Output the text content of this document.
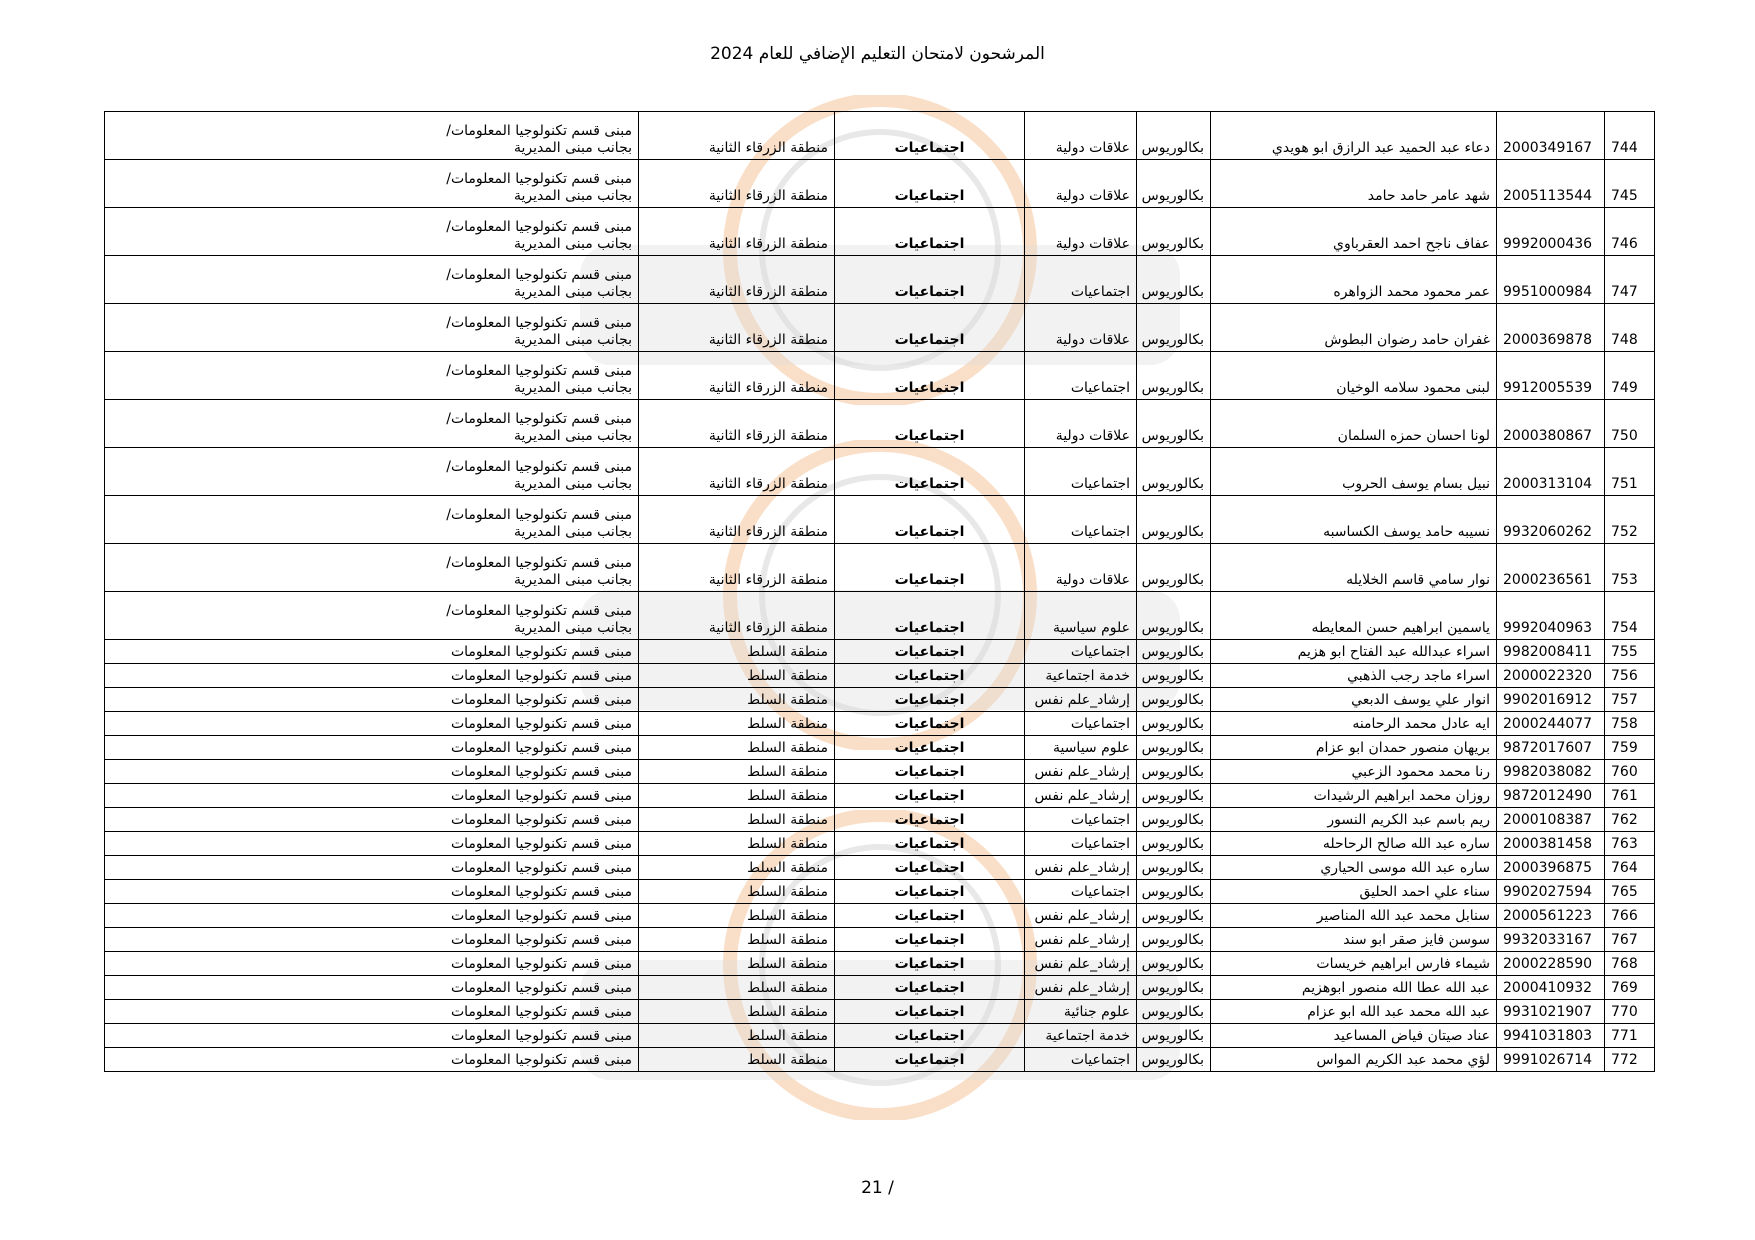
المرشحون لامتحان التعليم الإضافي للعام 2024
744	2000349167	دعاء عبد الحميد عبد الرازق ابو هويدي	بكالوريوس	علاقات دولية	اجتماعيات	منطقة الزرقاء الثانية	مبنى قسم تكنولوجيا المعلومات/
بجانب مبنى المديرية

745	2005113544	شهد عامر حامد حامد	بكالوريوس	علاقات دولية	اجتماعيات	منطقة الزرقاء الثانية	مبنى قسم تكنولوجيا المعلومات/
بجانب مبنى المديرية

746	9992000436	عفاف ناجح احمد العقرباوي	بكالوريوس	علاقات دولية	اجتماعيات	منطقة الزرقاء الثانية	مبنى قسم تكنولوجيا المعلومات/
بجانب مبنى المديرية

747	9951000984	عمر محمود محمد الزواهره	بكالوريوس	اجتماعيات	اجتماعيات	منطقة الزرقاء الثانية	مبنى قسم تكنولوجيا المعلومات/
بجانب مبنى المديرية

748	2000369878	غفران حامد رضوان البطوش	بكالوريوس	علاقات دولية	اجتماعيات	منطقة الزرقاء الثانية	مبنى قسم تكنولوجيا المعلومات/
بجانب مبنى المديرية

749	9912005539	لبنى محمود سلامه الوخيان	بكالوريوس	اجتماعيات	اجتماعيات	منطقة الزرقاء الثانية	مبنى قسم تكنولوجيا المعلومات/
بجانب مبنى المديرية

750	2000380867	لونا احسان حمزه السلمان	بكالوريوس	علاقات دولية	اجتماعيات	منطقة الزرقاء الثانية	مبنى قسم تكنولوجيا المعلومات/
بجانب مبنى المديرية

751	2000313104	نبيل بسام يوسف الحروب	بكالوريوس	اجتماعيات	اجتماعيات	منطقة الزرقاء الثانية	مبنى قسم تكنولوجيا المعلومات/
بجانب مبنى المديرية

752	9932060262	نسيبه حامد يوسف الكساسبه	بكالوريوس	اجتماعيات	اجتماعيات	منطقة الزرقاء الثانية	مبنى قسم تكنولوجيا المعلومات/
بجانب مبنى المديرية

753	2000236561	نوار سامي قاسم الخلايله	بكالوريوس	علاقات دولية	اجتماعيات	منطقة الزرقاء الثانية	مبنى قسم تكنولوجيا المعلومات/
بجانب مبنى المديرية

754	9992040963	ياسمين ابراهيم حسن المعايطه	بكالوريوس	علوم سياسية	اجتماعيات	منطقة الزرقاء الثانية	مبنى قسم تكنولوجيا المعلومات/
بجانب مبنى المديرية

755	9982008411	اسراء عبدالله عبد الفتاح ابو هزيم	بكالوريوس	اجتماعيات	اجتماعيات	منطقة السلط	مبنى قسم تكنولوجيا المعلومات

756	2000022320	اسراء ماجد رجب الذهبي	بكالوريوس	خدمة اجتماعية	اجتماعيات	منطقة السلط	مبنى قسم تكنولوجيا المعلومات

757	9902016912	انوار علي يوسف الدبعي	بكالوريوس	إرشاد_علم نفس	اجتماعيات	منطقة السلط	مبنى قسم تكنولوجيا المعلومات

758	2000244077	ايه عادل محمد الرحامنه	بكالوريوس	اجتماعيات	اجتماعيات	منطقة السلط	مبنى قسم تكنولوجيا المعلومات

759	9872017607	بريهان منصور حمدان ابو عزام	بكالوريوس	علوم سياسية	اجتماعيات	منطقة السلط	مبنى قسم تكنولوجيا المعلومات

760	9982038082	رنا محمد محمود الزعبي	بكالوريوس	إرشاد_علم نفس	اجتماعيات	منطقة السلط	مبنى قسم تكنولوجيا المعلومات

761	9872012490	روزان محمد ابراهيم الرشيدات	بكالوريوس	إرشاد_علم نفس	اجتماعيات	منطقة السلط	مبنى قسم تكنولوجيا المعلومات

762	2000108387	ريم باسم عبد الكريم النسور	بكالوريوس	اجتماعيات	اجتماعيات	منطقة السلط	مبنى قسم تكنولوجيا المعلومات

763	2000381458	ساره عبد الله صالح الرحاحله	بكالوريوس	اجتماعيات	اجتماعيات	منطقة السلط	مبنى قسم تكنولوجيا المعلومات

764	2000396875	ساره عبد الله موسى الحياري	بكالوريوس	إرشاد_علم نفس	اجتماعيات	منطقة السلط	مبنى قسم تكنولوجيا المعلومات

765	9902027594	سناء علي احمد الحليق	بكالوريوس	اجتماعيات	اجتماعيات	منطقة السلط	مبنى قسم تكنولوجيا المعلومات

766	2000561223	سنابل محمد عبد الله المناصير	بكالوريوس	إرشاد_علم نفس	اجتماعيات	منطقة السلط	مبنى قسم تكنولوجيا المعلومات

767	9932033167	سوسن فايز صقر ابو سند	بكالوريوس	إرشاد_علم نفس	اجتماعيات	منطقة السلط	مبنى قسم تكنولوجيا المعلومات

768	2000228590	شيماء فارس ابراهيم خريسات	بكالوريوس	إرشاد_علم نفس	اجتماعيات	منطقة السلط	مبنى قسم تكنولوجيا المعلومات

769	2000410932	عبد الله عطا الله منصور ابوهزيم	بكالوريوس	إرشاد_علم نفس	اجتماعيات	منطقة السلط	مبنى قسم تكنولوجيا المعلومات

770	9931021907	عبد الله محمد عبد الله ابو عزام	بكالوريوس	علوم جنائية	اجتماعيات	منطقة السلط	مبنى قسم تكنولوجيا المعلومات

771	9941031803	عناد صيتان فياض المساعيد	بكالوريوس	خدمة اجتماعية	اجتماعيات	منطقة السلط	مبنى قسم تكنولوجيا المعلومات

772	9991026714	لؤي محمد عبد الكريم المواس	بكالوريوس	اجتماعيات	اجتماعيات	منطقة السلط	مبنى قسم تكنولوجيا المعلومات
21 /
